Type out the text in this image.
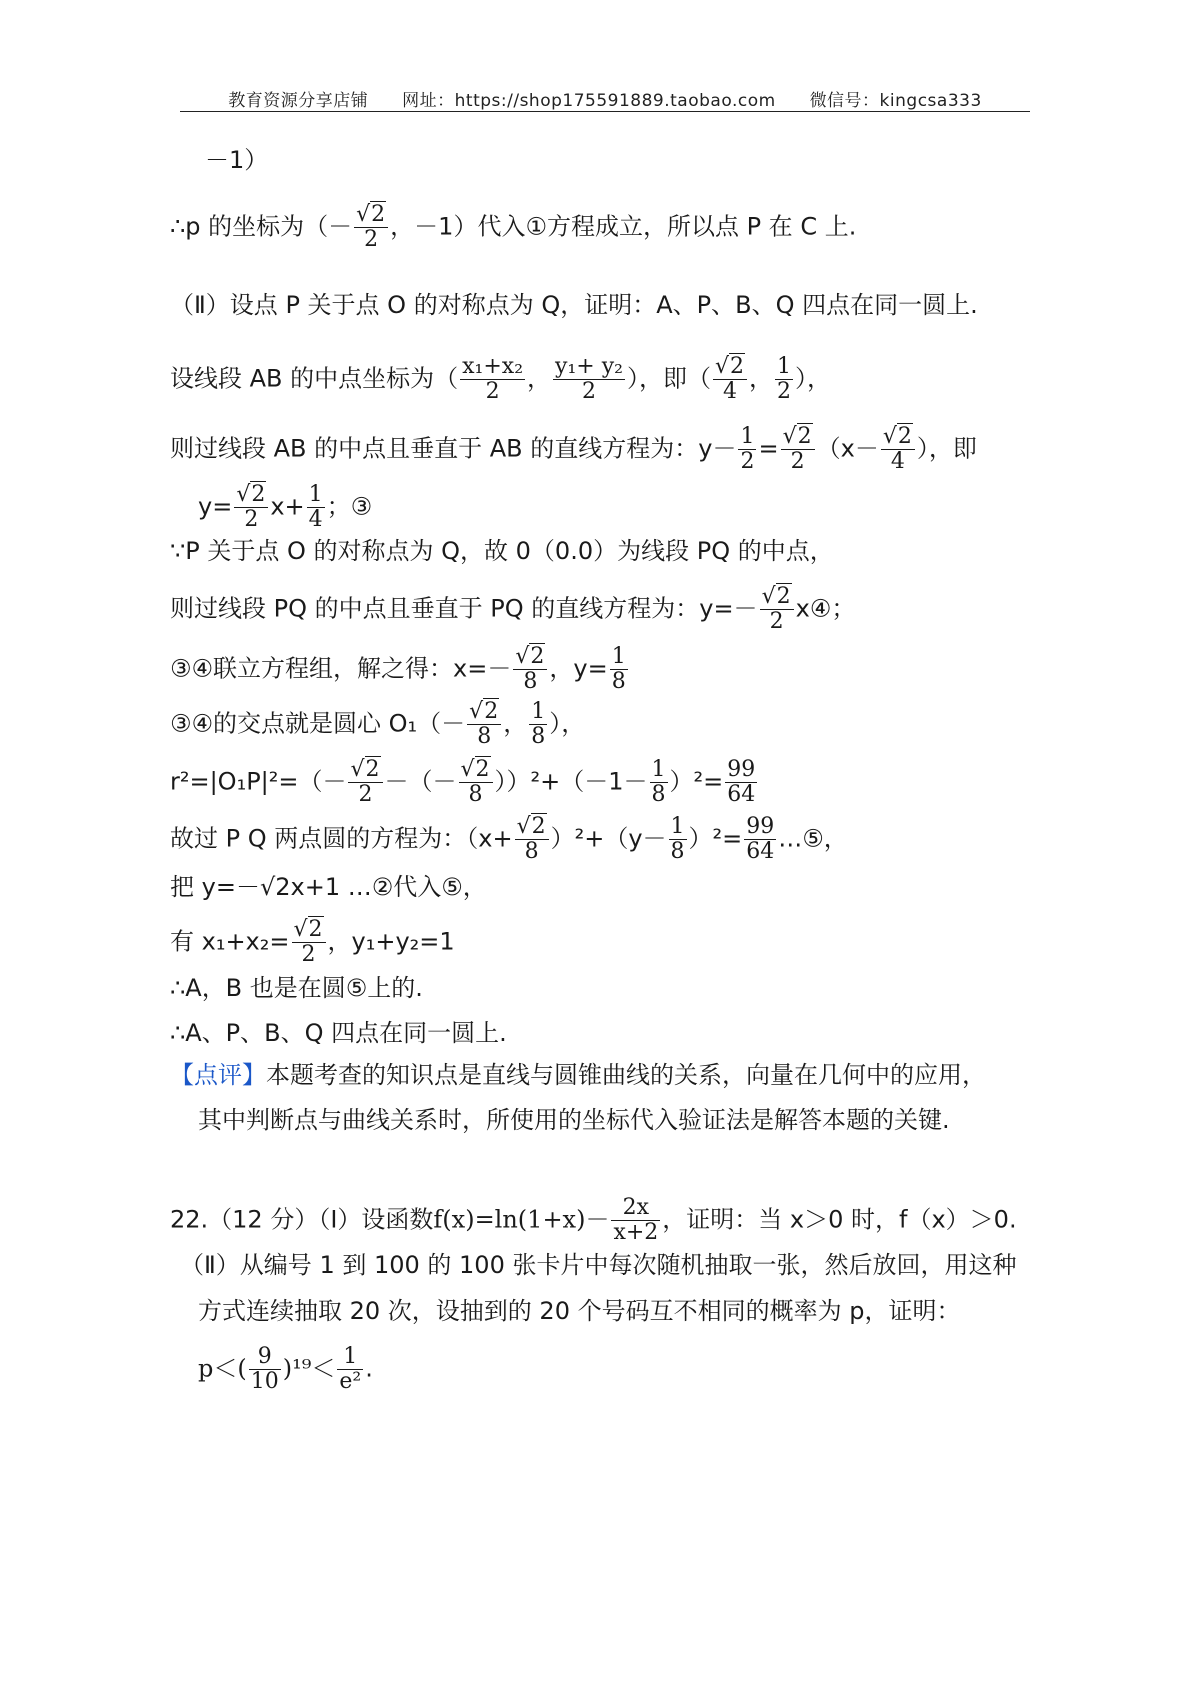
教育资源分享店铺 网址：https://shop175591889.taobao.com 微信号：kingcsa333
－1）
∴p 的坐标为（－ $\frac{√2}{2}$ ，－1）代入①方程成立，所以点 P 在 C 上.
（Ⅱ）设点 P 关于点 O 的对称点为 Q，证明：A、P、B、Q 四点在同一圆上.
设线段 AB 的中点坐标为（ $\frac{\text{x₁+x₂}}{2}$ ， $\frac{\text{y₁+ y₂}}{2}$ ），即（ $\frac{√2}{4}$ ， $\frac{1}{2}$ ），
则过线段 AB 的中点且垂直于 AB 的直线方程为：$y- \frac{1}{2} = \frac{√2}{2} (x- \frac{√2}{4}$ ），即
$y= \frac{√2}{2} x+ \frac{1}{4}$ ；③
∵P 关于点 O 的对称点为 Q，故 0（0.0）为线段 PQ 的中点，
则过线段 PQ 的中点且垂直于 PQ 的直线方程为：$y=- \frac{√2}{2}$ x④；
③④联立方程组，解之得：$x=- \frac{√2}{8}$ ，$y= \frac{1}{8}$
③④的交点就是圆心 $O_1(- \frac{√2}{8}$ ， $\frac{1}{8}$ ），
$r^2=|O_1P|^2=(- \frac{√2}{2}$ －（－ $\frac{√2}{8} ))^2+(-1- \frac{1}{8} )^2= \frac{99}{64}$
故过 P Q 两点圆的方程为：$(x+ \frac{√2}{8} )^2+(y- \frac{1}{8} )^2= \frac{99}{64}$ …⑤，
把 y=－√2x+1 …②代入⑤，
有 $x_1+x_2= \frac{√2}{2}$ ，y₁+y₂=1
∴A，B 也是在圆⑤上的.
∴A、P、B、Q 四点在同一圆上.
【点评】本题考查的知识点是直线与圆锥曲线的关系，向量在几何中的应用，
其中判断点与曲线关系时，所使用的坐标代入验证法是解答本题的关键.
22.（12 分）（Ⅰ）设函数$f(x)=\ln(1+x)- \frac{2x}{x+2}$ ，证明：当 x＞0 时，f（x）＞0.
（Ⅱ）从编号 1 到 100 的 100 张卡片中每次随机抽取一张，然后放回，用这种
方式连续抽取 20 次，设抽到的 20 个号码互不相同的概率为 p，证明：
$p<( \frac{9}{10} )^{19}< \frac{1}{\text{e²}}$ .
